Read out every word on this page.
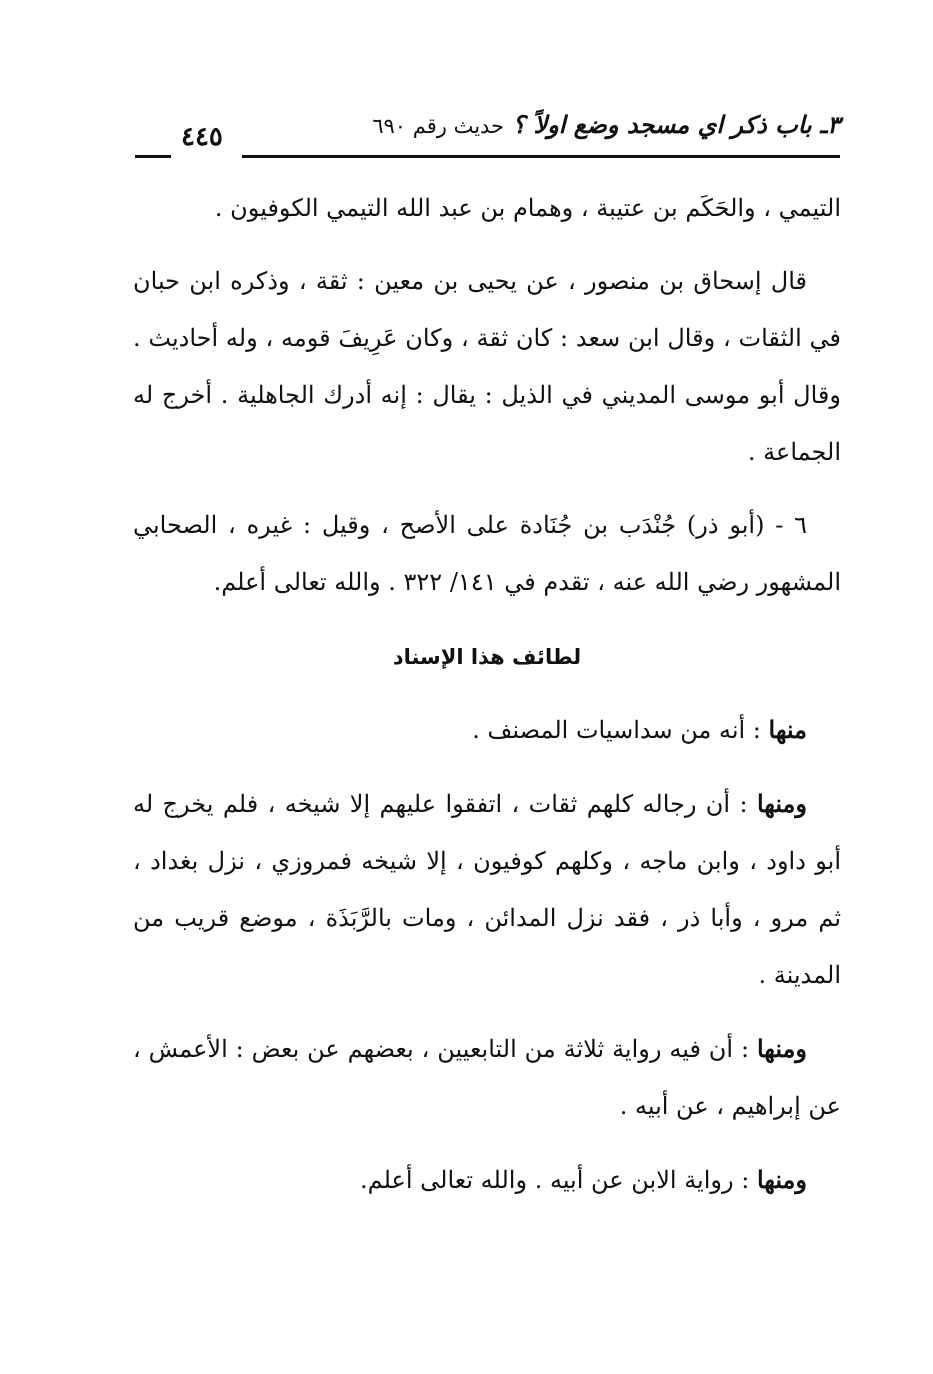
٣ـ باب ذكر اي مسجد وضع اولاً ؟ حديث رقم ٦٩٠
٤٤٥

التيمي ، والحَكَم بن عتيبة ، وهمام بن عبد الله التيمي الكوفيون .

قال إسحاق بن منصور ، عن يحيى بن معين : ثقة ، وذكره ابن حبان في الثقات ، وقال ابن سعد : كان ثقة ، وكان عَرِيفَ قومه ، وله أحاديث . وقال أبو موسى المديني في الذيل : يقال : إنه أدرك الجاهلية . أخرج له الجماعة .

٦ - (أبو ذر) جُنْدَب بن جُنَادة على الأصح ، وقيل : غيره ، الصحابي المشهور رضي الله عنه ، تقدم في ١٤١/ ٣٢٢ . والله تعالى أعلم.

لطائف هذا الإسناد

منها : أنه من سداسيات المصنف .

ومنها : أن رجاله كلهم ثقات ، اتفقوا عليهم إلا شيخه ، فلم يخرج له أبو داود ، وابن ماجه ، وكلهم كوفيون ، إلا شيخه فمروزي ، نزل بغداد ، ثم مرو ، وأبا ذر ، فقد نزل المدائن ، ومات بالرَّبَذَة ، موضع قريب من المدينة .

ومنها : أن فيه رواية ثلاثة من التابعيين ، بعضهم عن بعض : الأعمش ، عن إبراهيم ، عن أبيه .

ومنها : رواية الابن عن أبيه . والله تعالى أعلم.
